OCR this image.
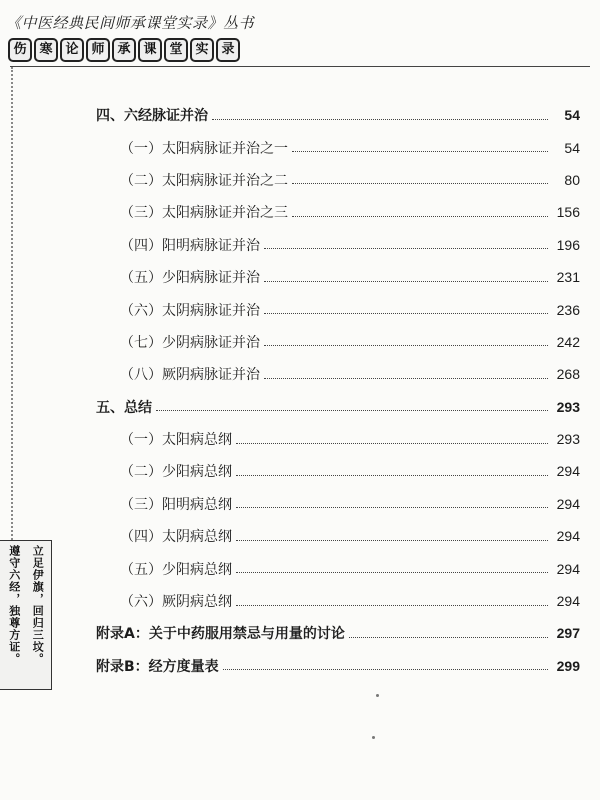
《中医经典民间师承课堂实录》丛书
伤 寒 论 师 承 课 堂 实 录
四、六经脉证并治	54
（一）太阳病脉证并治之一	54
（二）太阳病脉证并治之二	80
（三）太阳病脉证并治之三	156
（四）阳明病脉证并治	196
（五）少阳病脉证并治	231
（六）太阴病脉证并治	236
（七）少阴病脉证并治	242
（八）厥阴病脉证并治	268
五、总结	293
（一）太阳病总纲	293
（二）少阳病总纲	294
（三）阳明病总纲	294
（四）太阴病总纲	294
（五）少阳病总纲	294
（六）厥阴病总纲	294
附录A：关于中药服用禁忌与用量的讨论	297
附录B：经方度量表	299
立足伊旗，回归三坟。
遵守六经，独尊方证。
